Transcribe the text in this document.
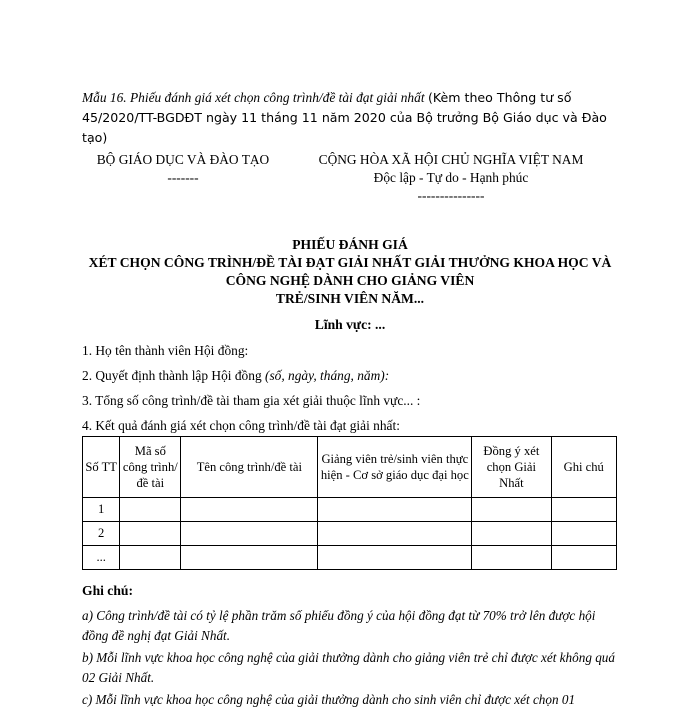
Mẫu 16. Phiếu đánh giá xét chọn công trình/đề tài đạt giải nhất (Kèm theo Thông tư số 45/2020/TT-BGDĐT ngày 11 tháng 11 năm 2020 của Bộ trưởng Bộ Giáo dục và Đào tạo)
BỘ GIÁO DỤC VÀ ĐÀO TẠO
-------
CỘNG HÒA XÃ HỘI CHỦ NGHĨA VIỆT NAM
Độc lập - Tự do - Hạnh phúc
---------------
PHIẾU ĐÁNH GIÁ
XÉT CHỌN CÔNG TRÌNH/ĐỀ TÀI ĐẠT GIẢI NHẤT GIẢI THƯỞNG KHOA HỌC VÀ
CÔNG NGHỆ DÀNH CHO GIẢNG VIÊN
TRẺ/SINH VIÊN NĂM...
Lĩnh vực: ...
1. Họ tên thành viên Hội đồng:
2. Quyết định thành lập Hội đồng (số, ngày, tháng, năm):
3. Tổng số công trình/đề tài tham gia xét giải thuộc lĩnh vực... :
4. Kết quả đánh giá xét chọn công trình/đề tài đạt giải nhất:
Số TT	Mã số công trình/đề tài	Tên công trình/đề tài	Giảng viên trẻ/sinh viên thực hiện - Cơ sở giáo dục đại học	Đồng ý xét chọn Giải Nhất	Ghi chú
1					
2					
...					
Ghi chú:
a) Công trình/đề tài có tỷ lệ phần trăm số phiếu đồng ý của hội đồng đạt từ 70% trở lên được hội đồng đề nghị đạt Giải Nhất.
b) Mỗi lĩnh vực khoa học công nghệ của giải thưởng dành cho giảng viên trẻ chỉ được xét không quá 02 Giải Nhất.
c) Mỗi lĩnh vực khoa học công nghệ của giải thưởng dành cho sinh viên chỉ được xét chọn 01
